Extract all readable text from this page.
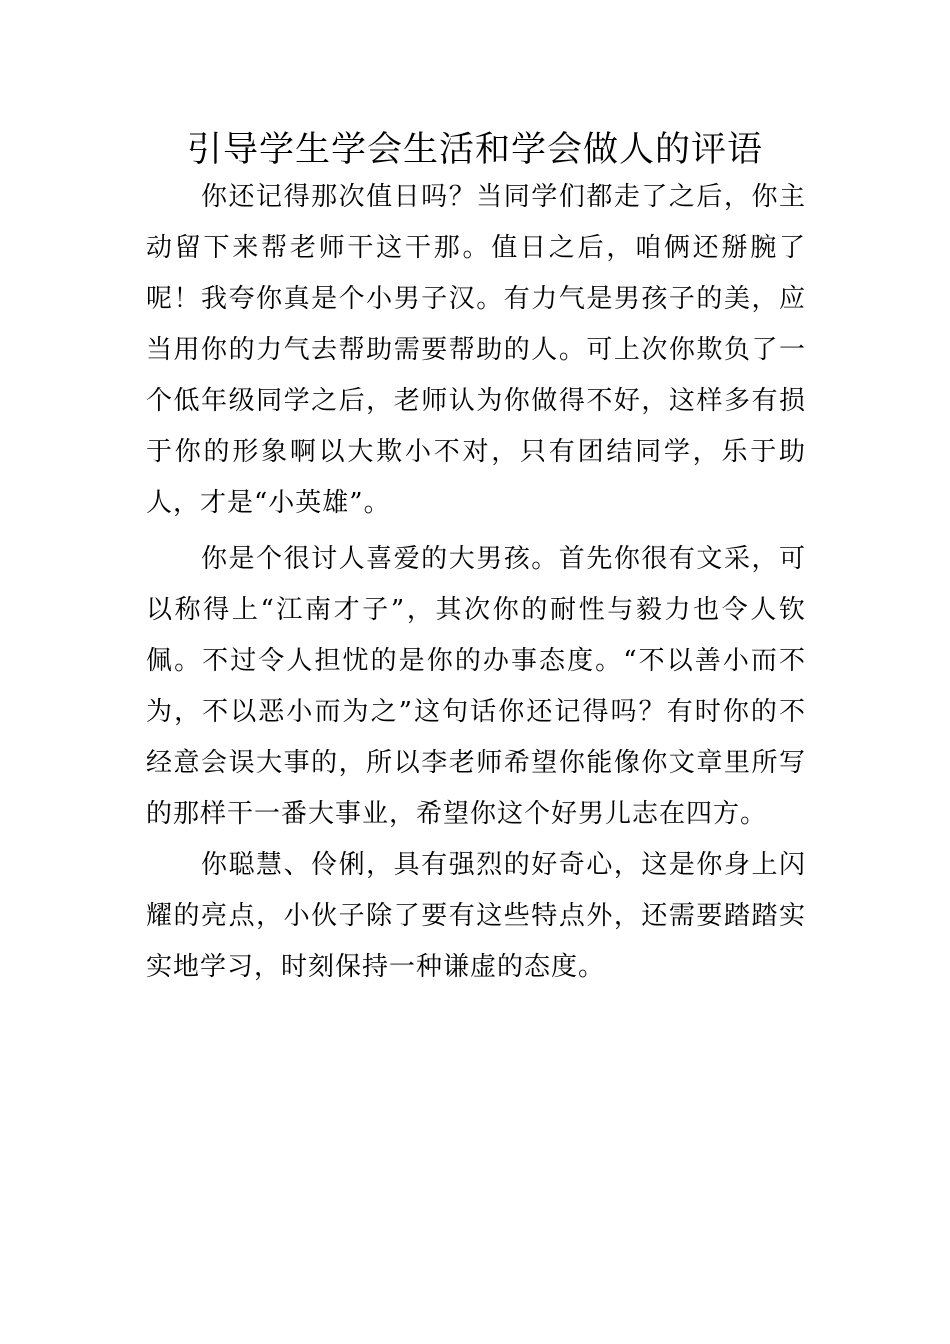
引导学生学会生活和学会做人的评语

你还记得那次值日吗？当同学们都走了之后，你主动留下来帮老师干这干那。值日之后，咱俩还掰腕了呢！我夸你真是个小男子汉。有力气是男孩子的美，应当用你的力气去帮助需要帮助的人。可上次你欺负了一个低年级同学之后，老师认为你做得不好，这样多有损于你的形象啊以大欺小不对，只有团结同学，乐于助人，才是“小英雄”。

你是个很讨人喜爱的大男孩。首先你很有文采，可以称得上“江南才子”，其次你的耐性与毅力也令人钦佩。不过令人担忧的是你的办事态度。“不以善小而不为，不以恶小而为之”这句话你还记得吗？有时你的不经意会误大事的，所以李老师希望你能像你文章里所写的那样干一番大事业，希望你这个好男儿志在四方。

你聪慧、伶俐，具有强烈的好奇心，这是你身上闪耀的亮点，小伙子除了要有这些特点外，还需要踏踏实实地学习，时刻保持一种谦虚的态度。
